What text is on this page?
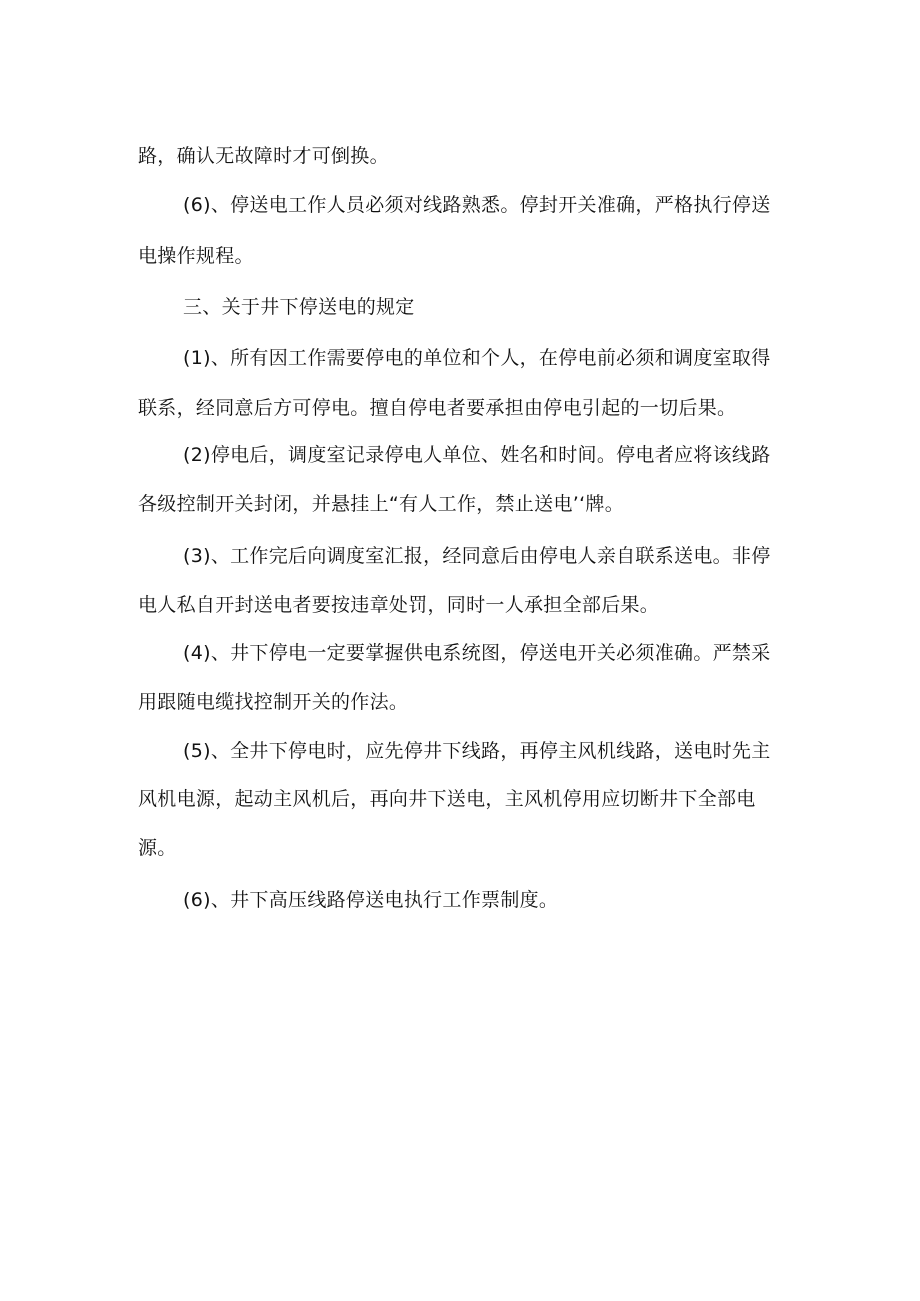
路，确认无故障时才可倒换。
(6)、停送电工作人员必须对线路熟悉。停封开关准确，严格执行停送
电操作规程。
三、关于井下停送电的规定
(1)、所有因工作需要停电的单位和个人，在停电前必须和调度室取得
联系，经同意后方可停电。擅自停电者要承担由停电引起的一切后果。
(2)停电后，调度室记录停电人单位、姓名和时间。停电者应将该线路
各级控制开关封闭，并悬挂上“有人工作，禁止送电’‘牌。
(3)、工作完后向调度室汇报，经同意后由停电人亲自联系送电。非停
电人私自开封送电者要按违章处罚，同时一人承担全部后果。
(4)、井下停电一定要掌握供电系统图，停送电开关必须准确。严禁采
用跟随电缆找控制开关的作法。
(5)、全井下停电时，应先停井下线路，再停主风机线路，送电时先主
风机电源，起动主风机后，再向井下送电，主风机停用应切断井下全部电
源。
(6)、井下高压线路停送电执行工作票制度。
